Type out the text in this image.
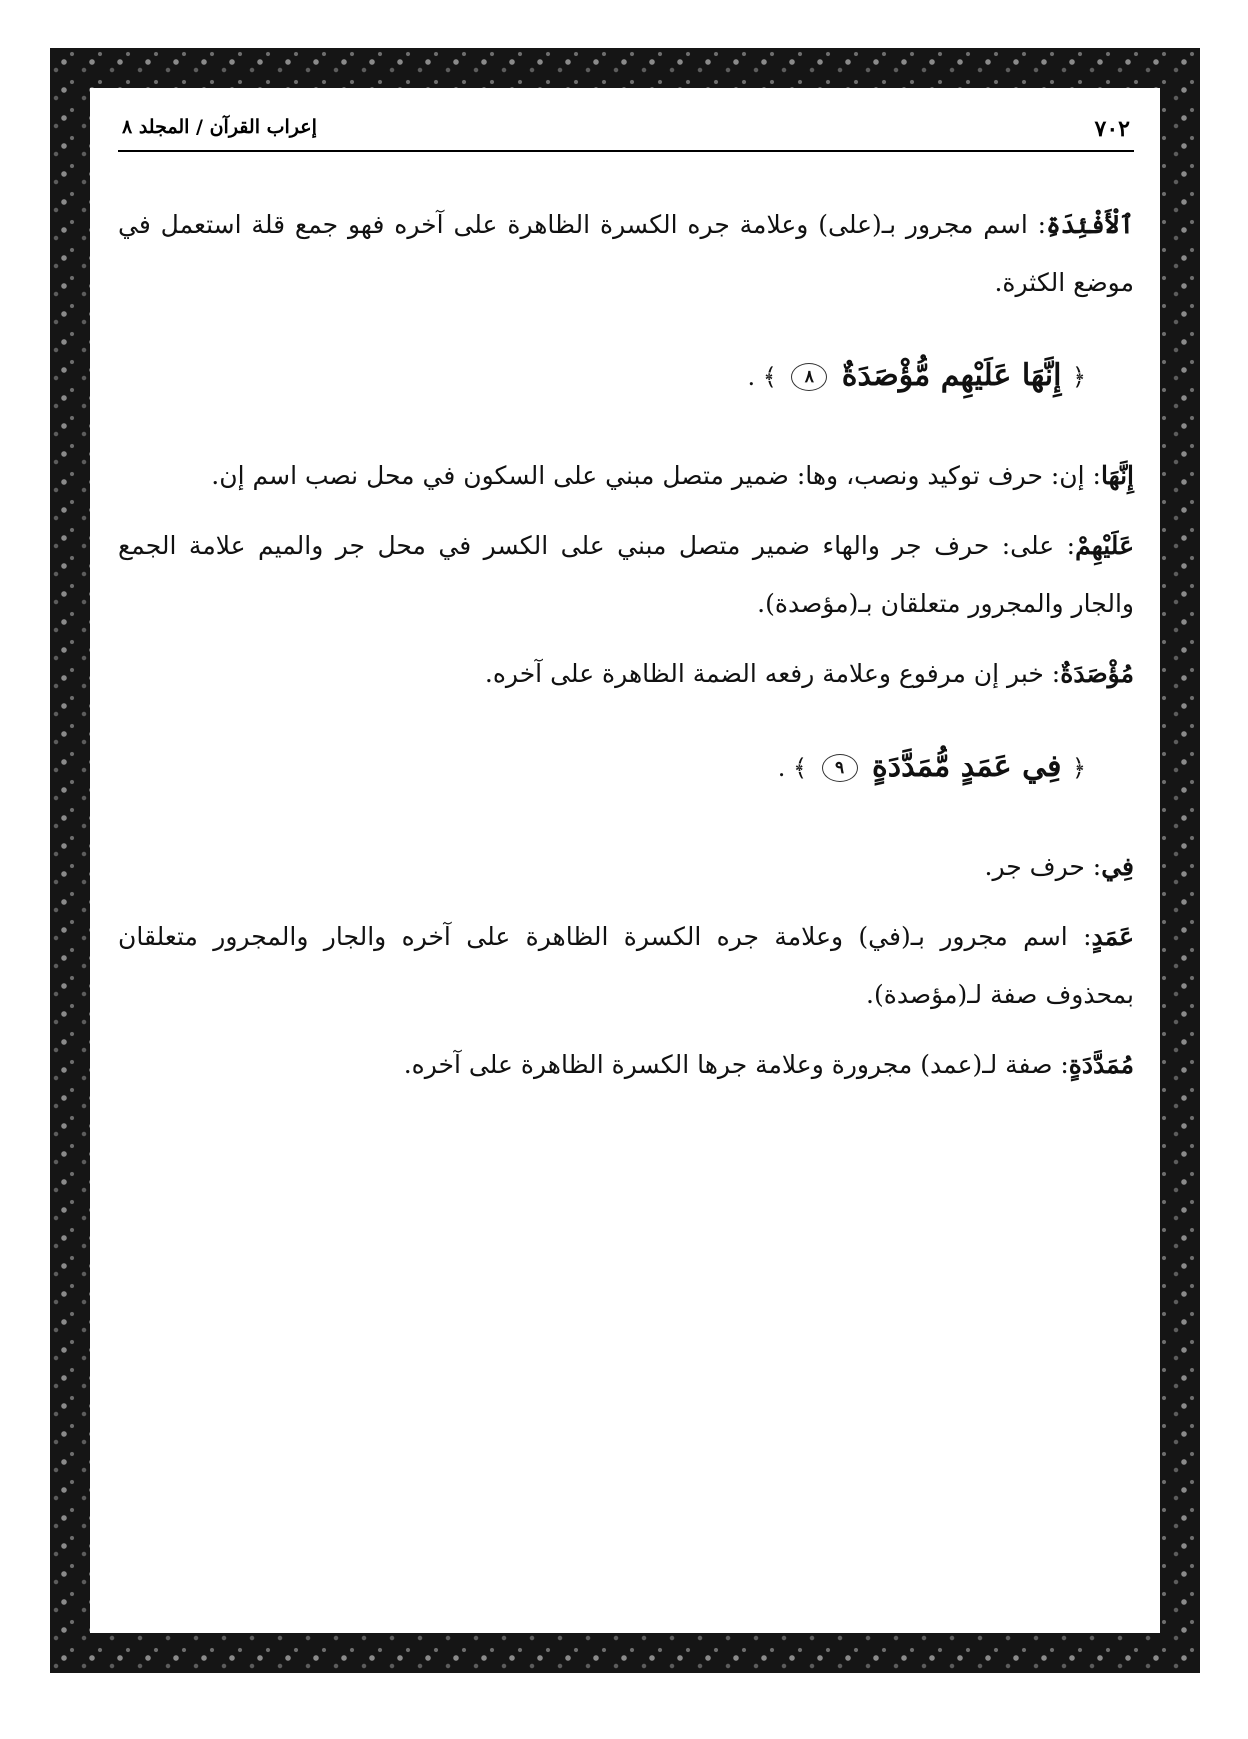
٧٠٢
إعراب القرآن / المجلد ٨

ٱلْأَفْئِدَةِ: اسم مجرور بـ(على) وعلامة جره الكسرة الظاهرة على آخره فهو جمع قلة استعمل في موضع الكثرة.

﴿ إِنَّهَا عَلَيْهِم مُّؤْصَدَةٌ ٨ ﴾ .

إِنَّهَا: إن: حرف توكيد ونصب، وها: ضمير متصل مبني على السكون في محل نصب اسم إن.

عَلَيْهِمْ: على: حرف جر والهاء ضمير متصل مبني على الكسر في محل جر والميم علامة الجمع والجار والمجرور متعلقان بـ(مؤصدة).

مُؤْصَدَةٌ: خبر إن مرفوع وعلامة رفعه الضمة الظاهرة على آخره.

﴿ فِي عَمَدٍ مُّمَدَّدَةٍ ٩ ﴾ .

فِي: حرف جر.

عَمَدٍ: اسم مجرور بـ(في) وعلامة جره الكسرة الظاهرة على آخره والجار والمجرور متعلقان بمحذوف صفة لـ(مؤصدة).

مُمَدَّدَةٍ: صفة لـ(عمد) مجرورة وعلامة جرها الكسرة الظاهرة على آخره.
